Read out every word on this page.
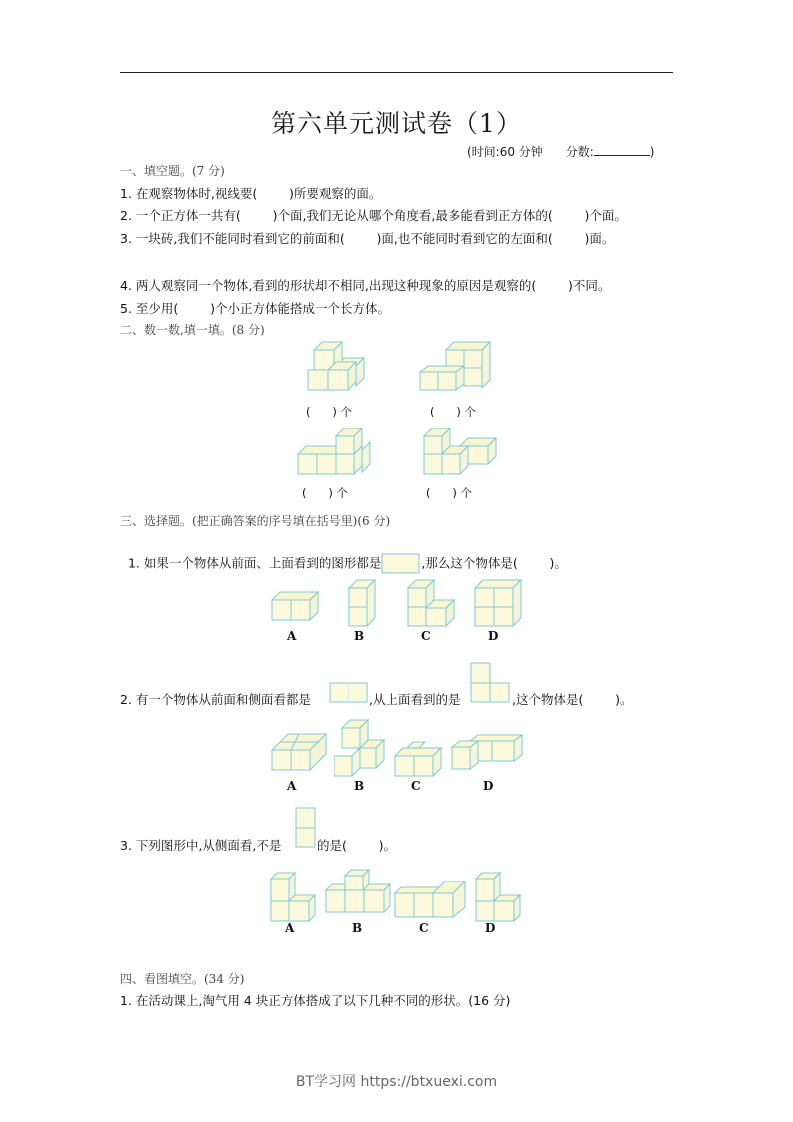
第六单元测试卷（1）
(时间:60 分钟      分数:	)
一、填空题。(7 分)
1. 在观察物体时,视线要(        )所要观察的面。
2. 一个正方体一共有(        )个面,我们无论从哪个角度看,最多能看到正方体的(        )个面。
3. 一块砖,我们不能同时看到它的前面和(        )面,也不能同时看到它的左面和(        )面。
4. 两人观察同一个物体,看到的形状却不相同,出现这种现象的原因是观察的(        )不同。
5. 至少用(        )个小正方体能搭成一个长方体。
二、数一数,填一填。(8 分)
(      ) 个	(      ) 个
(      ) 个	(      ) 个
三、选择题。(把正确答案的序号填在括号里)(6 分)

1. 如果一个物体从前面、上面看到的图形都是	,那么这个物体是(        )。

A	B	C	D

2. 有一个物体从前面和侧面看都是

	,从上面看到的是

	,这个物体是(        )。

A	B	C	D

3. 下列图形中,从侧面看,不是

	的是(        )。

A	B	C	D
四、看图填空。(34 分)
1. 在活动课上,淘气用 4 块正方体搭成了以下几种不同的形状。(16 分)
BT学习网 https://btxuexi.com
